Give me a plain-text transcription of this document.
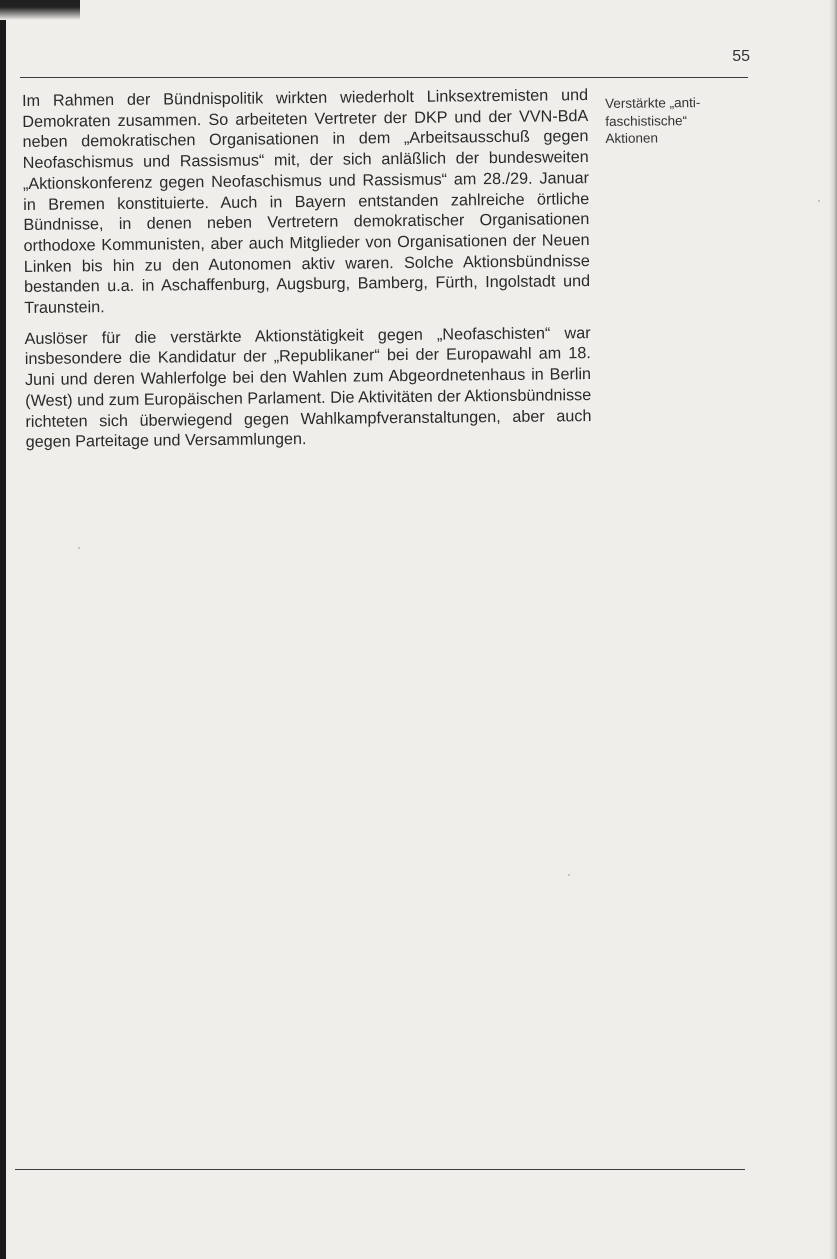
55

Im Rahmen der Bündnispolitik wirkten wiederholt Linksextremisten und Demokraten zusammen. So arbeiteten Vertreter der DKP und der VVN-BdA neben demokratischen Organisationen in dem „Arbeitsausschuß gegen Neofaschismus und Rassismus“ mit, der sich anläßlich der bundesweiten „Aktionskonferenz gegen Neofaschismus und Rassismus“ am 28./29. Januar in Bremen konstituierte. Auch in Bayern entstanden zahlreiche örtliche Bündnisse, in denen neben Vertretern demokratischer Organisationen orthodoxe Kommunisten, aber auch Mitglieder von Organisationen der Neuen Linken bis hin zu den Autonomen aktiv waren. Solche Aktionsbündnisse bestanden u.a. in Aschaffenburg, Augsburg, Bamberg, Fürth, Ingolstadt und Traunstein.

Auslöser für die verstärkte Aktionstätigkeit gegen „Neofaschisten“ war insbesondere die Kandidatur der „Republikaner“ bei der Europawahl am 18. Juni und deren Wahlerfolge bei den Wahlen zum Abgeordnetenhaus in Berlin (West) und zum Europäischen Parlament. Die Aktivitäten der Aktionsbündnisse richteten sich überwiegend gegen Wahlkampfveranstaltungen, aber auch gegen Parteitage und Versammlungen.

Verstärkte „anti-
faschistische“
Aktionen
